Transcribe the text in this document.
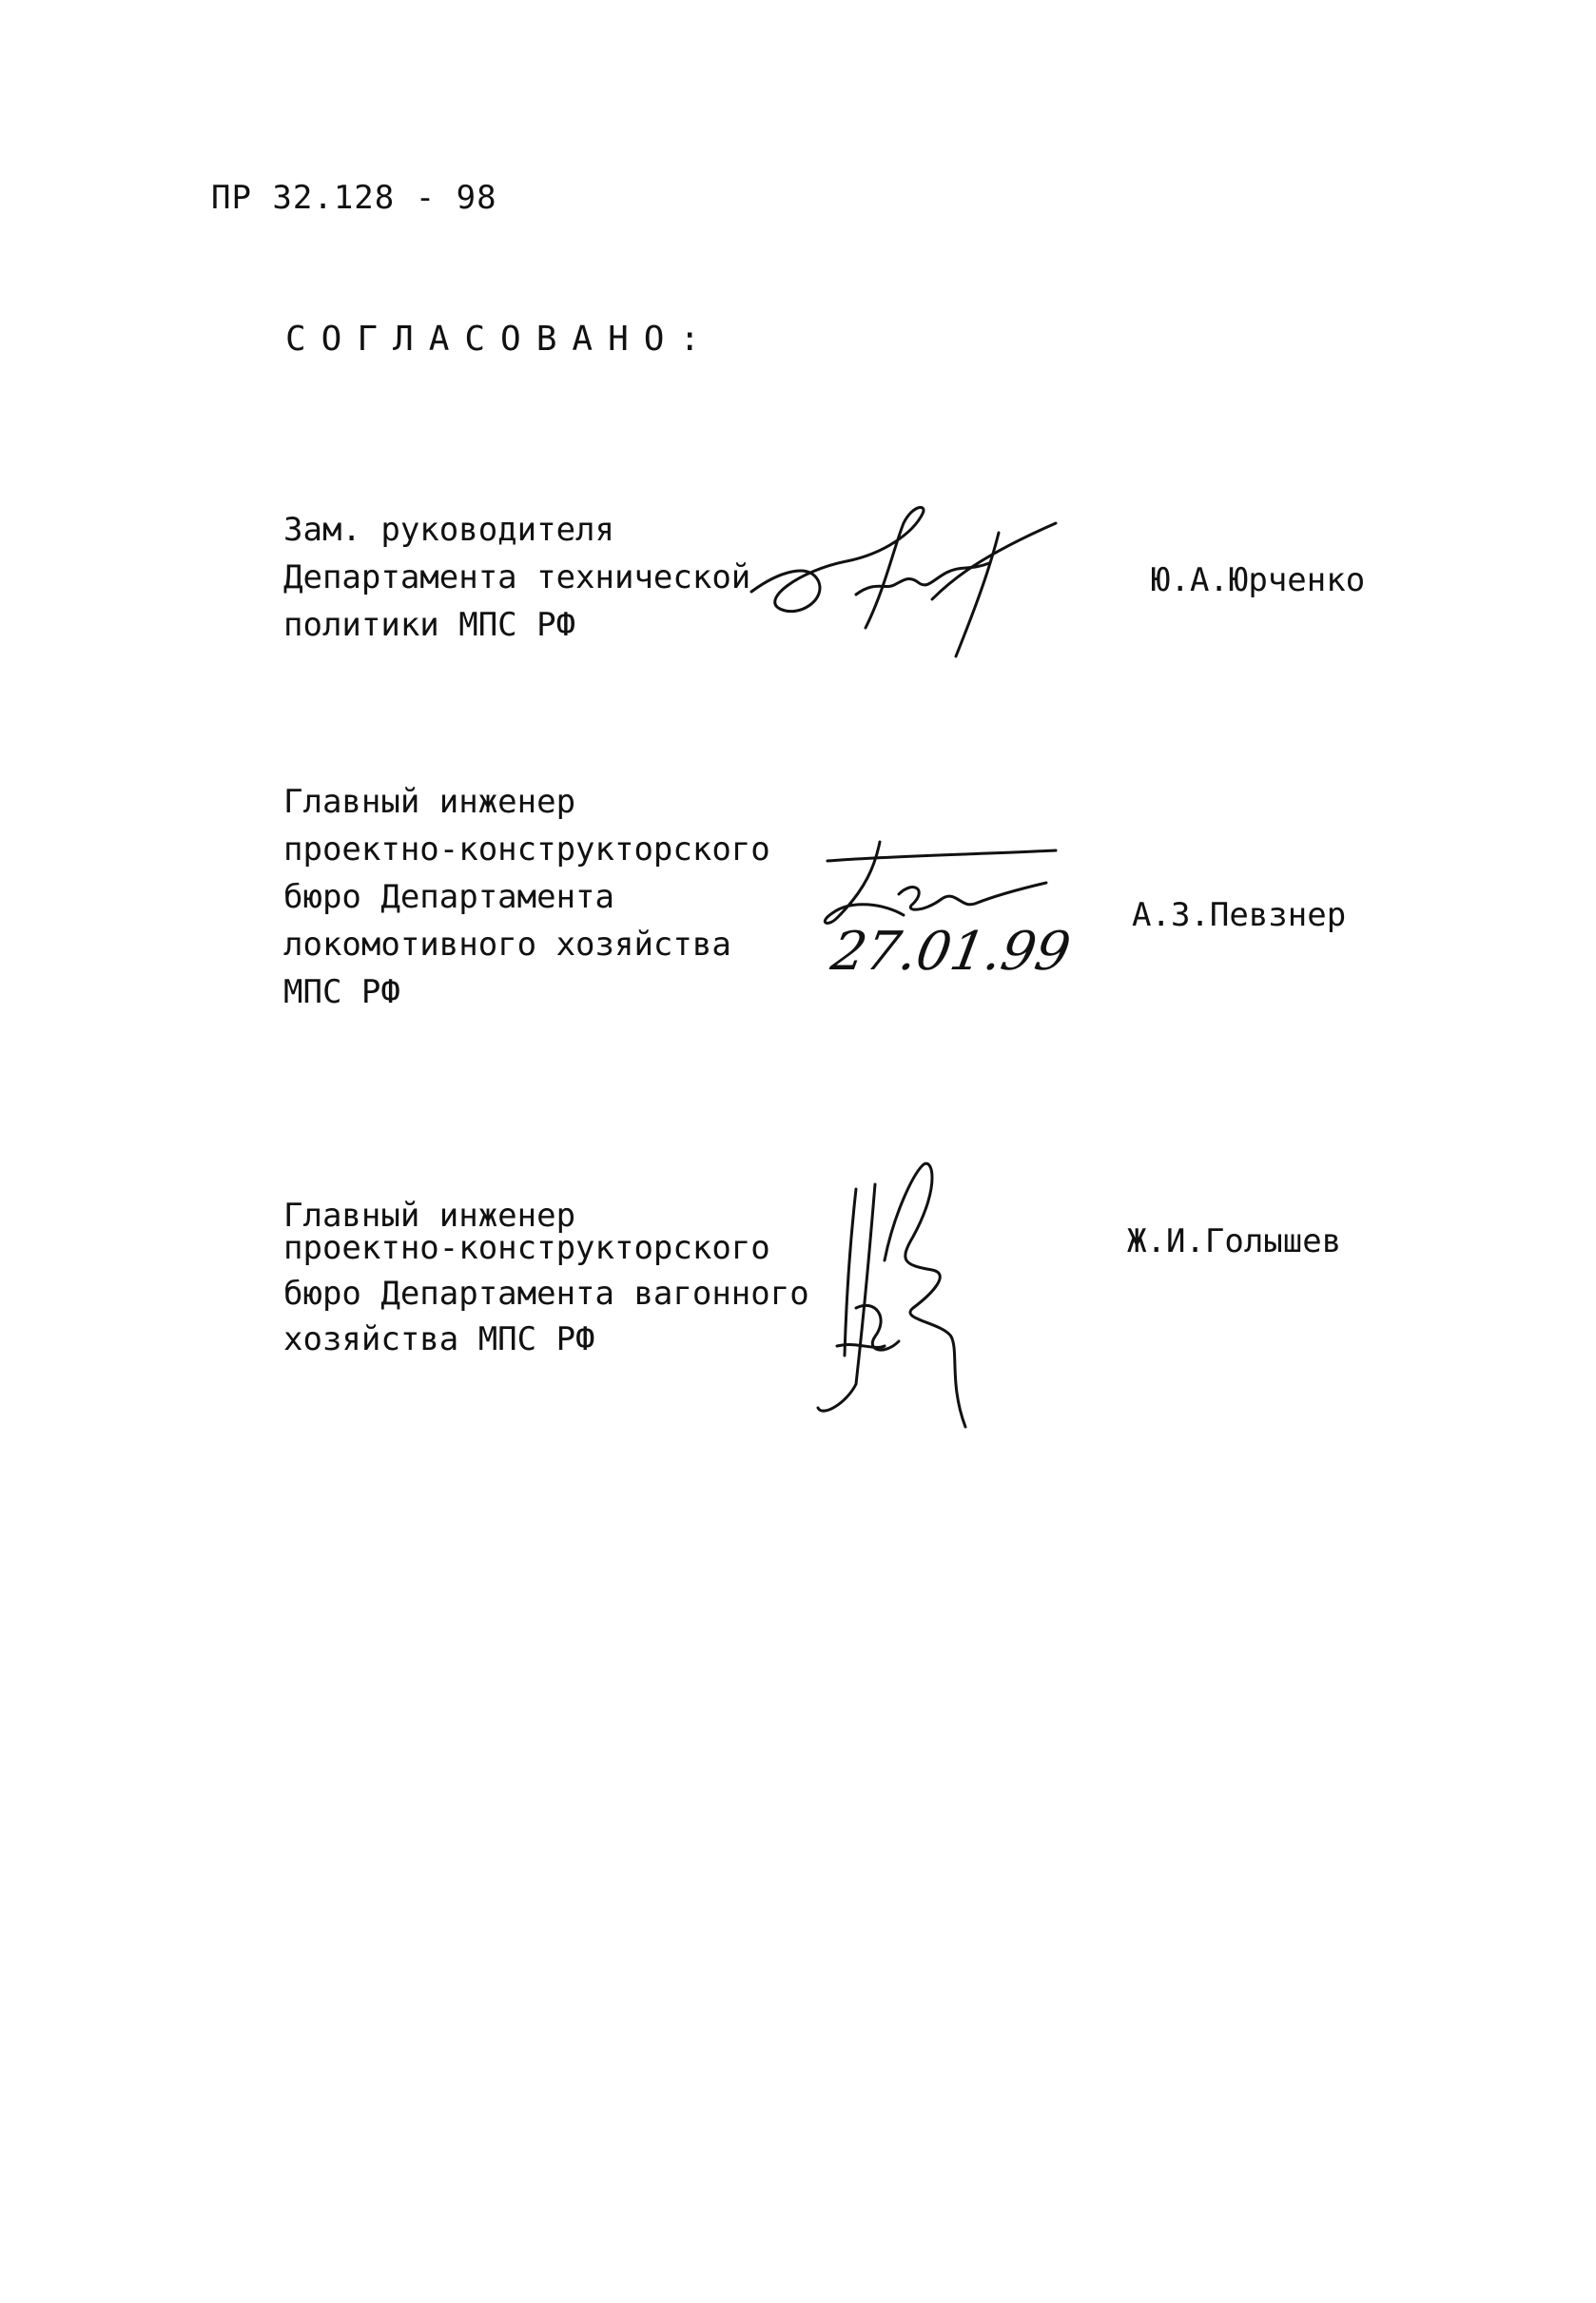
ПР 32.128 - 98
СОГЛАСОВАНО:
Зам. руководителя
Департамента технической
политики МПС РФ
Ю.А.Юрченко
Главный инженер
проектно-конструкторского
бюро Департамента
локомотивного хозяйства
МПС РФ
27.01.99
А.З.Певзнер
Главный инженер
проектно-конструкторского
бюро Департамента вагонного
хозяйства МПС РФ
Ж.И.Голышев
